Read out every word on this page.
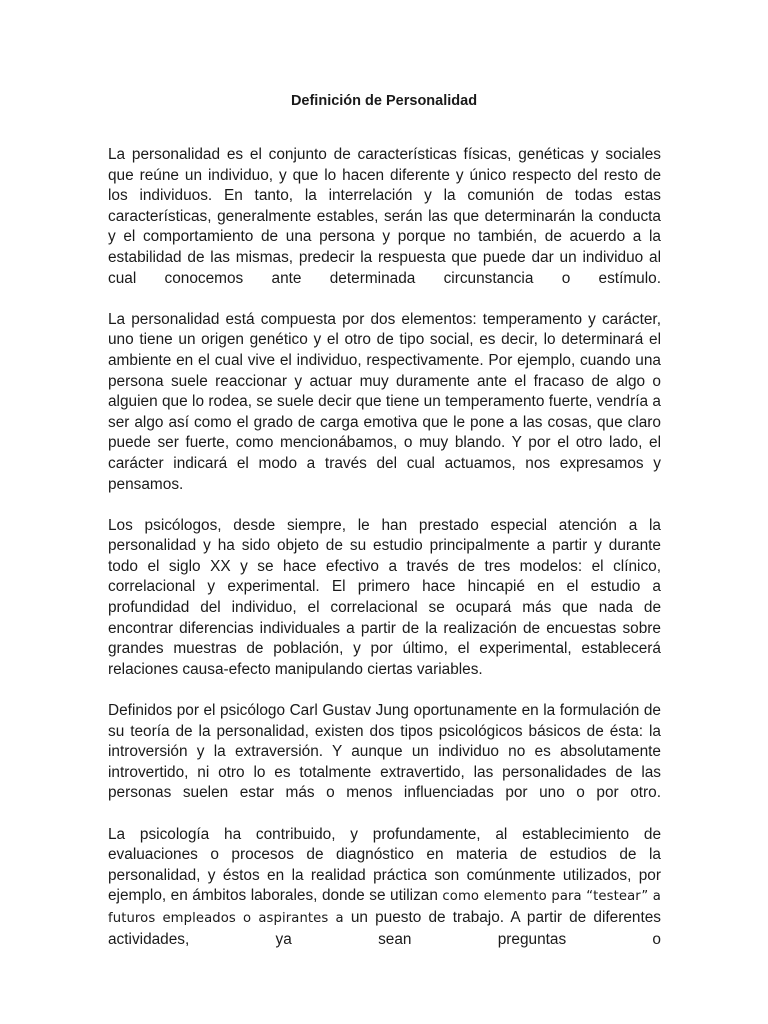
Definición de Personalidad

La personalidad es el conjunto de características físicas, genéticas y sociales que reúne un individuo, y que lo hacen diferente y único respecto del resto de los individuos. En tanto, la interrelación y la comunión de todas estas características, generalmente estables, serán las que determinarán la conducta y el comportamiento de una persona y porque no también, de acuerdo a la estabilidad de las mismas, predecir la respuesta que puede dar un individuo al cual conocemos ante determinada circunstancia o estímulo.

La personalidad está compuesta por dos elementos: temperamento y carácter, uno tiene un origen genético y el otro de tipo social, es decir, lo determinará el ambiente en el cual vive el individuo, respectivamente. Por ejemplo, cuando una persona suele reaccionar y actuar muy duramente ante el fracaso de algo o alguien que lo rodea, se suele decir que tiene un temperamento fuerte, vendría a ser algo así como el grado de carga emotiva que le pone a las cosas, que claro puede ser fuerte, como mencionábamos, o muy blando. Y por el otro lado, el carácter indicará el modo a través del cual actuamos, nos expresamos y pensamos.

Los psicólogos, desde siempre, le han prestado especial atención a la personalidad y ha sido objeto de su estudio principalmente a partir y durante todo el siglo XX y se hace efectivo a través de tres modelos: el clínico, correlacional y experimental. El primero hace hincapié en el estudio a profundidad del individuo, el correlacional se ocupará más que nada de encontrar diferencias individuales a partir de la realización de encuestas sobre grandes muestras de población, y por último, el experimental, establecerá relaciones causa-efecto manipulando ciertas variables.

Definidos por el psicólogo Carl Gustav Jung oportunamente en la formulación de su teoría de la personalidad, existen dos tipos psicológicos básicos de ésta: la introversión y la extraversión. Y aunque un individuo no es absolutamente introvertido, ni otro lo es totalmente extravertido, las personalidades de las personas suelen estar más o menos influenciadas por uno o por otro.

La psicología ha contribuido, y profundamente, al establecimiento de evaluaciones o procesos de diagnóstico en materia de estudios de la personalidad, y éstos en la realidad práctica son comúnmente utilizados, por ejemplo, en ámbitos laborales, donde se utilizan como elemento para “testear” a futuros empleados o aspirantes a un puesto de trabajo. A partir de diferentes actividades, ya sean preguntas o
